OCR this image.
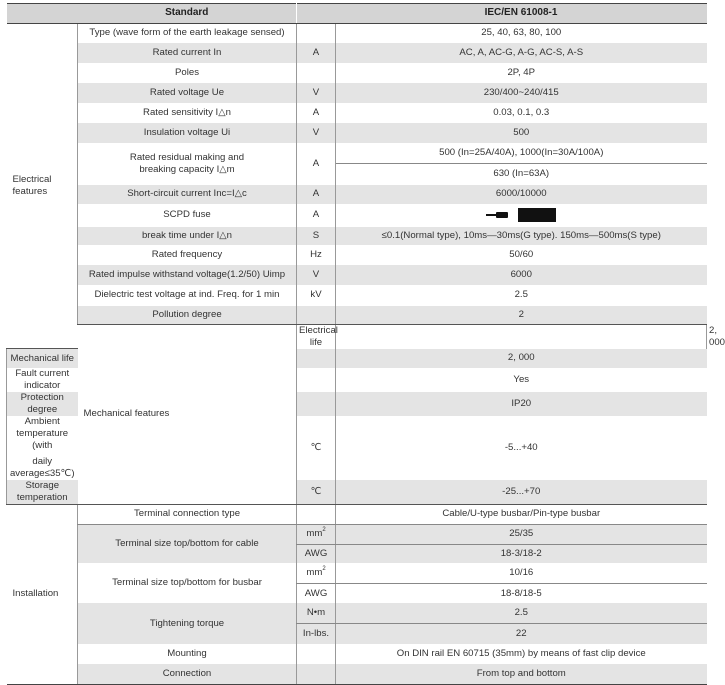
	Standard		IEC/EN 61008-1	
Electrical features	Type (wave form of the earth leakage sensed)		25, 40, 63, 80, 100	
	Rated current In	A	AC, A, AC-G, A-G, AC-S, A-S	
	Poles		2P, 4P	
	Rated voltage Ue	V	230/400~240/415	
	Rated sensitivity I△n	A	0.03, 0.1, 0.3	
	Insulation voltage Ui	V	500	

	Rated residual making and
breaking capacity I△m	A	500 (In=25A/40A), 1000(In=30A/100A)	
			630 (In=63A)	
	Short-circuit current Inc=I△c	A	6000/10000	
	SCPD fuse	A		

	break time under I△n	S	≤0.1(Normal type), 10ms—30ms(G type). 150ms—500ms(S type)	
	Rated frequency	Hz	50/60	
	Rated impulse withstand voltage(1.2/50) Uimp	V	6000	
	Dielectric test voltage at ind. Freq. for 1 min	kV	2.5	
	Pollution degree		2	
	Mechanical features	Electrical life		2, 000
Mechanical life			2, 000	
Fault current indicator			Yes	
Protection degree			IP20	

Ambient temperature (with
daily average≤35℃)		℃	-5...+40	
Storage temperation		℃	-25...+70	
Installation	Terminal connection type		Cable/U-type busbar/Pin-type busbar	
	Terminal size top/bottom for cable	$mm^2$	25/35	
		AWG	18-3/18-2	
	Terminal size top/bottom for busbar	$mm^2$	10/16	
		AWG	18-8/18-5	
	Tightening torque	N•m	2.5	
		In-lbs.	22	
	Mounting		On DIN rail EN 60715 (35mm) by means of fast clip device	
	Connection		From top and bottom	
